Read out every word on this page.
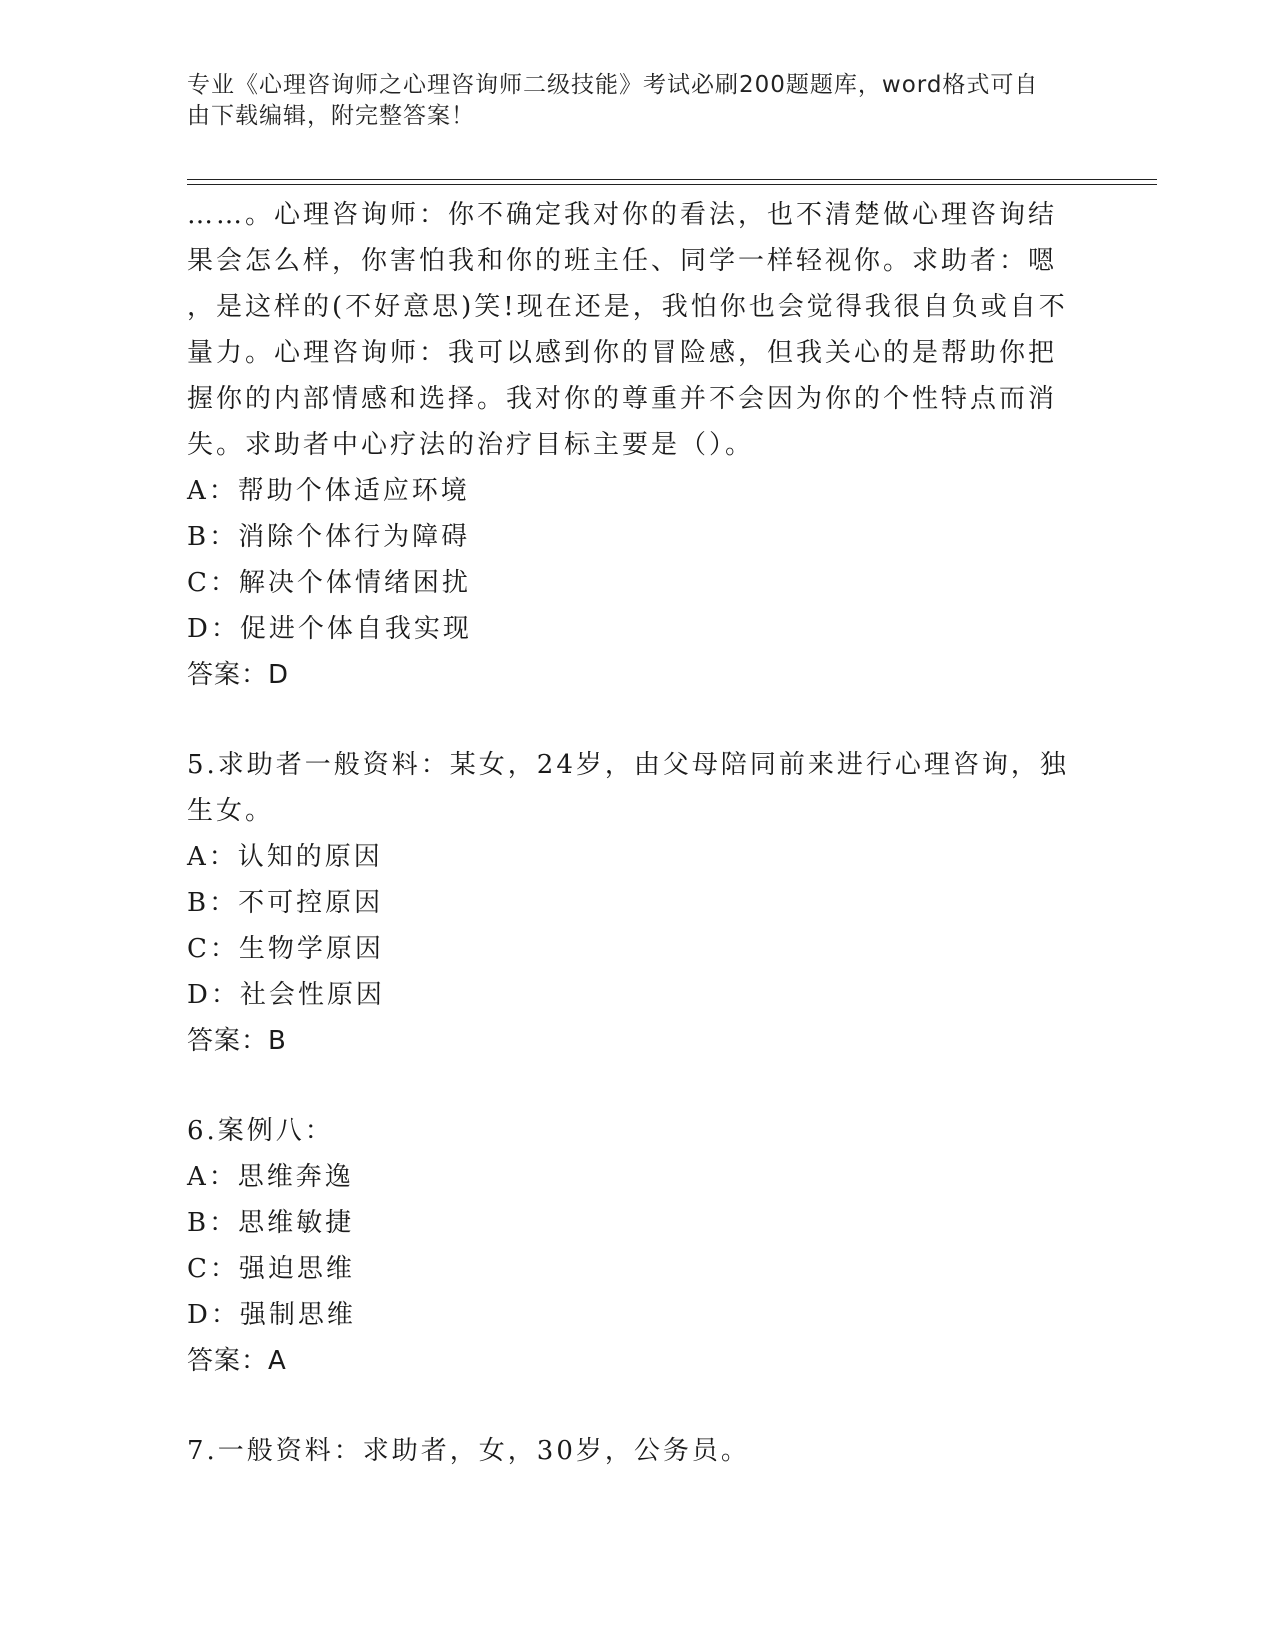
专业《心理咨询师之心理咨询师二级技能》考试必刷200题题库，word格式可自
由下载编辑，附完整答案！

……。心理咨询师：你不确定我对你的看法，也不清楚做心理咨询结

果会怎么样，你害怕我和你的班主任、同学一样轻视你。求助者：嗯

，是这样的(不好意思)笑!现在还是，我怕你也会觉得我很自负或自不

量力。心理咨询师：我可以感到你的冒险感，但我关心的是帮助你把

握你的内部情感和选择。我对你的尊重并不会因为你的个性特点而消

失。求助者中心疗法的治疗目标主要是（）。

A：帮助个体适应环境

B：消除个体行为障碍

C：解决个体情绪困扰

D：促进个体自我实现

答案：D

5.求助者一般资料：某女，24岁，由父母陪同前来进行心理咨询，独

生女。

A：认知的原因

B：不可控原因

C：生物学原因

D：社会性原因

答案：B

6.案例八：

A：思维奔逸

B：思维敏捷

C：强迫思维

D：强制思维

答案：A

7.一般资料：求助者，女，30岁，公务员。
